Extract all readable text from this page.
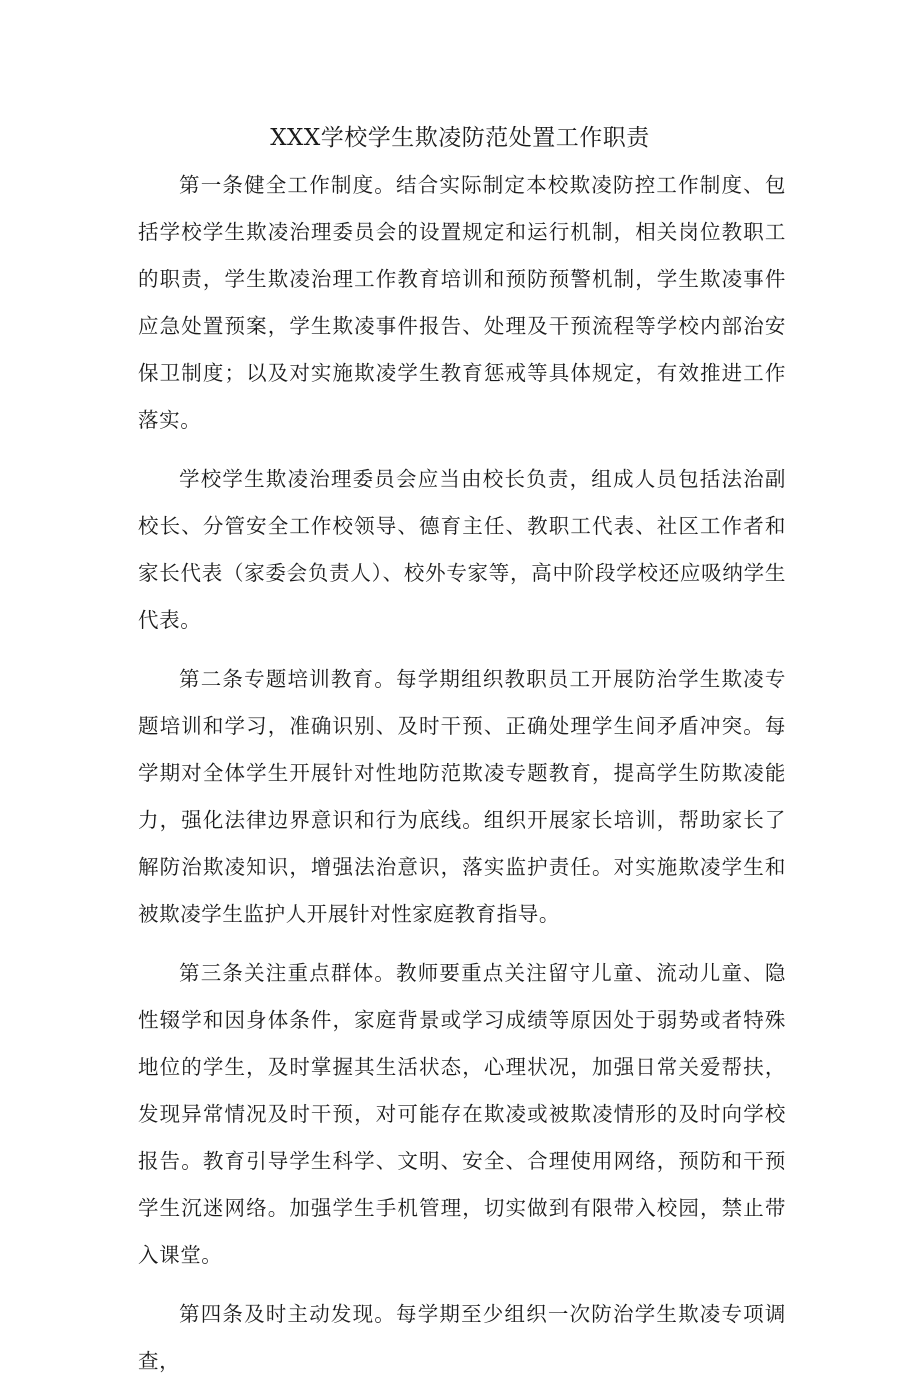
XXX学校学生欺凌防范处置工作职责

第一条健全工作制度。结合实际制定本校欺凌防控工作制度、包括学校学生欺凌治理委员会的设置规定和运行机制，相关岗位教职工的职责，学生欺凌治理工作教育培训和预防预警机制，学生欺凌事件应急处置预案，学生欺凌事件报告、处理及干预流程等学校内部治安保卫制度；以及对实施欺凌学生教育惩戒等具体规定，有效推进工作落实。

学校学生欺凌治理委员会应当由校长负责，组成人员包括法治副校长、分管安全工作校领导、德育主任、教职工代表、社区工作者和家长代表（家委会负责人）、校外专家等，高中阶段学校还应吸纳学生代表。

第二条专题培训教育。每学期组织教职员工开展防治学生欺凌专题培训和学习，准确识别、及时干预、正确处理学生间矛盾冲突。每学期对全体学生开展针对性地防范欺凌专题教育，提高学生防欺凌能力，强化法律边界意识和行为底线。组织开展家长培训，帮助家长了解防治欺凌知识，增强法治意识，落实监护责任。对实施欺凌学生和被欺凌学生监护人开展针对性家庭教育指导。

第三条关注重点群体。教师要重点关注留守儿童、流动儿童、隐性辍学和因身体条件，家庭背景或学习成绩等原因处于弱势或者特殊地位的学生，及时掌握其生活状态，心理状况，加强日常关爱帮扶，发现异常情况及时干预，对可能存在欺凌或被欺凌情形的及时向学校报告。教育引导学生科学、文明、安全、合理使用网络，预防和干预学生沉迷网络。加强学生手机管理，切实做到有限带入校园，禁止带入课堂。

第四条及时主动发现。每学期至少组织一次防治学生欺凌专项调查，
